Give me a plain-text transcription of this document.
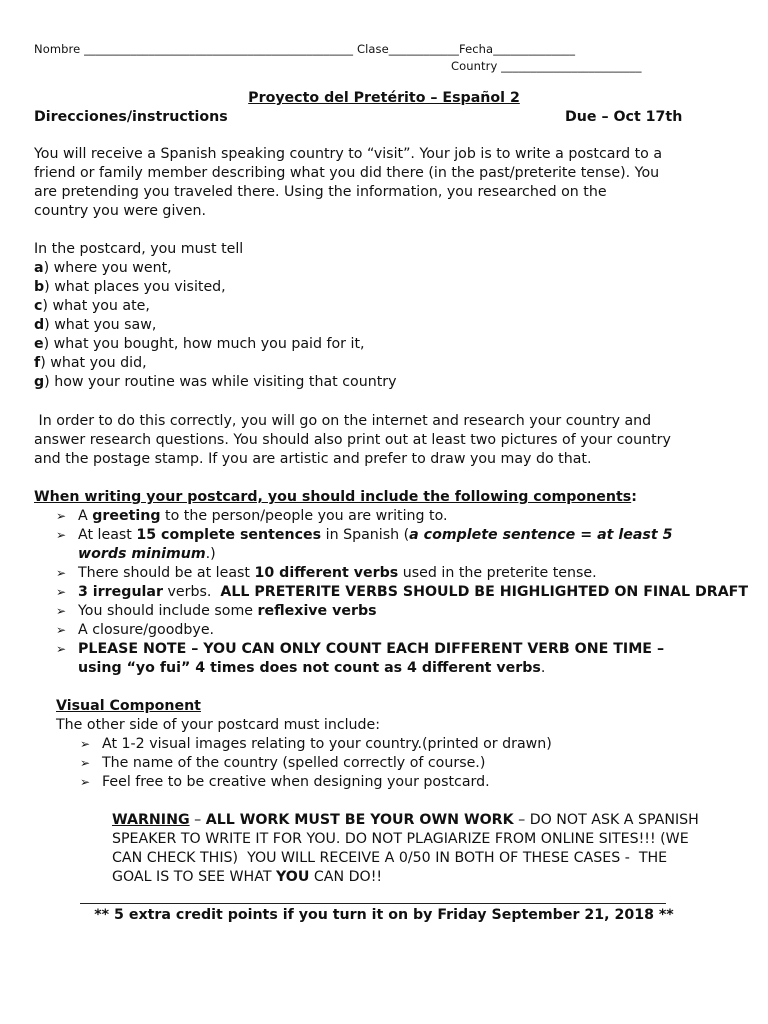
Nombre ______________________________________________ Clase____________Fecha______________
Country ________________________
Proyecto del Pretérito – Español 2
Direcciones/instructions	Due – Oct 17th
You will receive a Spanish speaking country to “visit”. Your job is to write a postcard to a
friend or family member describing what you did there (in the past/preterite tense). You
are pretending you traveled there. Using the information, you researched on the
country you were given.
In the postcard, you must tell
a) where you went,
b) what places you visited,
c) what you ate,
d) what you saw,
e) what you bought, how much you paid for it,
f) what you did,
g) how your routine was while visiting that country
In order to do this correctly, you will go on the internet and research your country and
answer research questions. You should also print out at least two pictures of your country
and the postage stamp. If you are artistic and prefer to draw you may do that.
When writing your postcard, you should include the following components:
➢ A greeting to the person/people you are writing to.
➢ At least 15 complete sentences in Spanish (a complete sentence = at least 5
words minimum.)
➢ There should be at least 10 different verbs used in the preterite tense.
➢ 3 irregular verbs.  ALL PRETERITE VERBS SHOULD BE HIGHLIGHTED ON FINAL DRAFT
➢ You should include some reflexive verbs
➢ A closure/goodbye.
➢ PLEASE NOTE – YOU CAN ONLY COUNT EACH DIFFERENT VERB ONE TIME –
using “yo fui” 4 times does not count as 4 different verbs.
Visual Component
The other side of your postcard must include:
➢ At 1-2 visual images relating to your country.(printed or drawn)
➢ The name of the country (spelled correctly of course.)
➢ Feel free to be creative when designing your postcard.
WARNING – ALL WORK MUST BE YOUR OWN WORK – DO NOT ASK A SPANISH
SPEAKER TO WRITE IT FOR YOU. DO NOT PLAGIARIZE FROM ONLINE SITES!!! (WE
CAN CHECK THIS)  YOU WILL RECEIVE A 0/50 IN BOTH OF THESE CASES -  THE
GOAL IS TO SEE WHAT YOU CAN DO!!
** 5 extra credit points if you turn it on by Friday September 21, 2018 **
